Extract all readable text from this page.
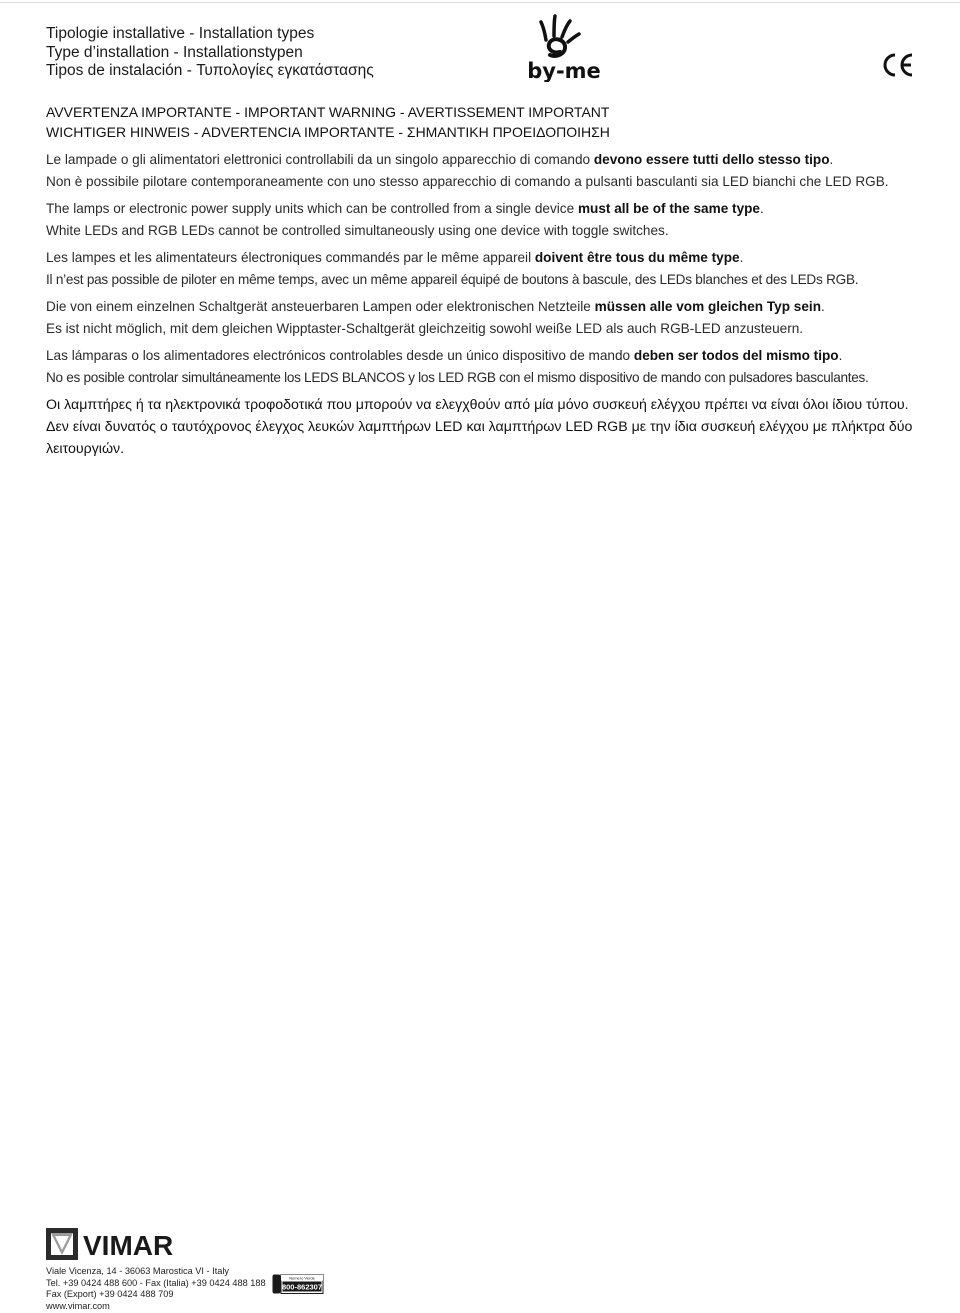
Tipologie installative - Installation types
Type d’installation - Installationstypen
Tipos de instalación - Τυπολογίες εγκατάστασης	by-me
AVVERTENZA IMPORTANTE - IMPORTANT WARNING - AVERTISSEMENT IMPORTANT
WICHTIGER HINWEIS - ADVERTENCIA IMPORTANTE - ΣΗΜΑΝΤΙΚΗ ΠΡΟΕΙΔΟΠΟΙΗΣΗ

Le lampade o gli alimentatori elettronici controllabili da un singolo apparecchio di comando devono essere tutti dello stesso tipo.
Non è possibile pilotare contemporaneamente con uno stesso apparecchio di comando a pulsanti basculanti sia LED bianchi che LED RGB.

The lamps or electronic power supply units which can be controlled from a single device must all be of the same type.
White LEDs and RGB LEDs cannot be controlled simultaneously using one device with toggle switches.

Les lampes et les alimentateurs électroniques commandés par le même appareil doivent être tous du même type.
Il n’est pas possible de piloter en même temps, avec un même appareil équipé de boutons à bascule, des LEDs blanches et des LEDs RGB.

Die von einem einzelnen Schaltgerät ansteuerbaren Lampen oder elektronischen Netzteile müssen alle vom gleichen Typ sein.
Es ist nicht möglich, mit dem gleichen Wipptaster-Schaltgerät gleichzeitig sowohl weiße LED als auch RGB-LED anzusteuern.

Las lámparas o los alimentadores electrónicos controlables desde un único dispositivo de mando deben ser todos del mismo tipo.
No es posible controlar simultáneamente los LEDS BLANCOS y los LED RGB con el mismo dispositivo de mando con pulsadores basculantes.

Οι λαμπτήρες ή τα ηλεκτρονικά τροφοδοτικά που μπορούν να ελεγχθούν από μία μόνο συσκευή ελέγχου πρέπει να είναι όλοι ίδιου τύπου.
Δεν είναι δυνατός ο ταυτόχρονος έλεγχος λευκών λαμπτήρων LED και λαμπτήρων LED RGB με την ίδια συσκευή ελέγχου με πλήκτρα δύο λειτουργιών.

VIMAR
Viale Vicenza, 14 - 36063 Marostica VI - Italy
Tel. +39 0424 488 600 - Fax (Italia) +39 0424 488 188
Fax (Export) +39 0424 488 709
www.vimar.com
Numero Verde
800-862307
